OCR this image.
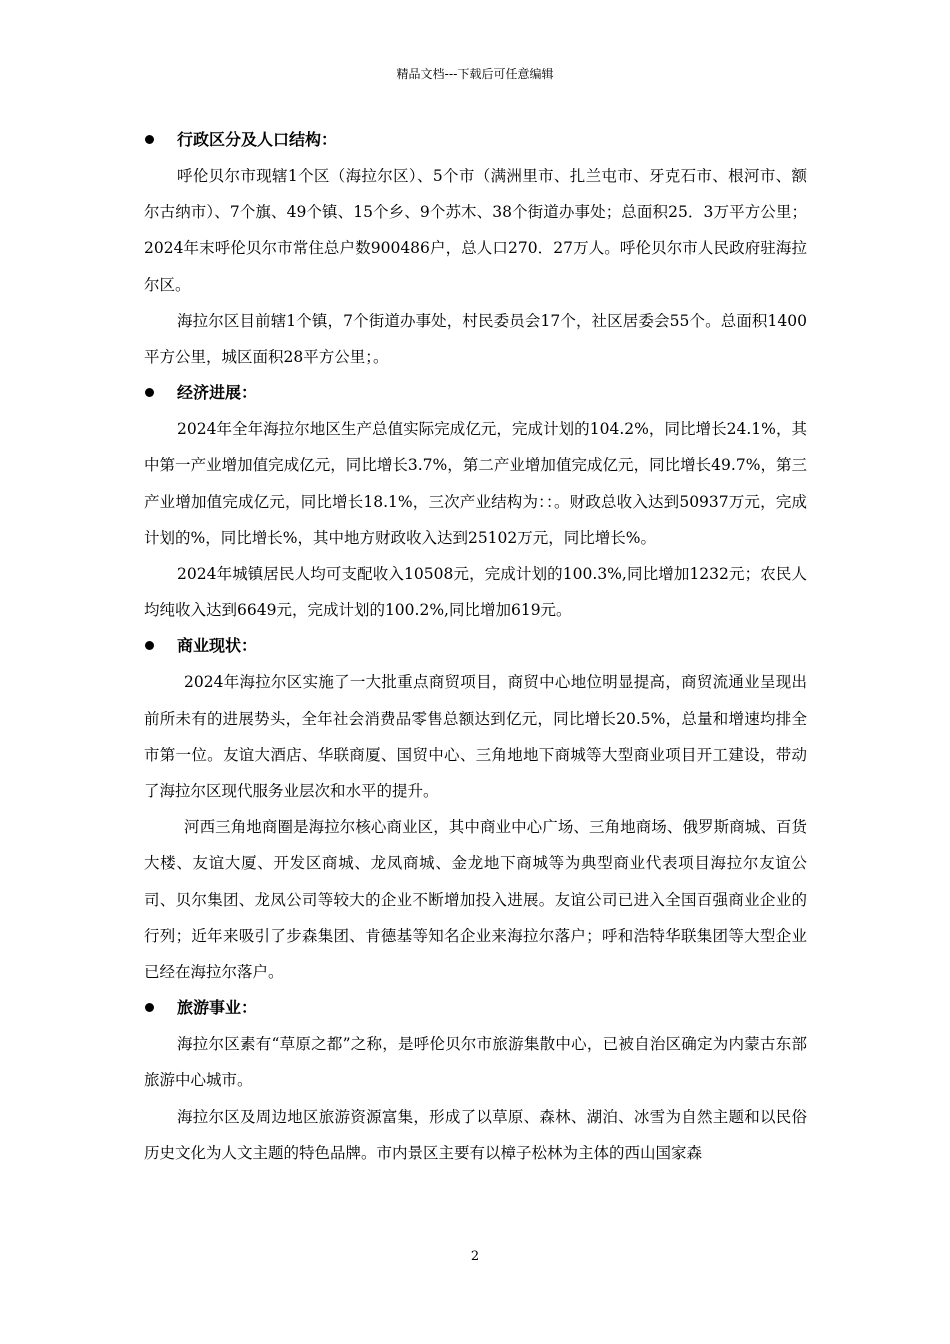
精品文档---下载后可任意编辑
行政区分及人口结构：

呼伦贝尔市现辖1个区（海拉尔区）、5个市（满洲里市、扎兰屯市、牙克石市、根河市、额尔古纳市）、7个旗、49个镇、15个乡、9个苏木、38个街道办事处；总面积25．3万平方公里；2024年末呼伦贝尔市常住总户数900486户，总人口270．27万人。呼伦贝尔市人民政府驻海拉尔区。

海拉尔区目前辖1个镇，7个街道办事处，村民委员会17个，社区居委会55个。总面积1400平方公里，城区面积28平方公里；。

经济进展：

2024年全年海拉尔地区生产总值实际完成亿元，完成计划的104.2%，同比增长24.1%，其中第一产业增加值完成亿元，同比增长3.7%，第二产业增加值完成亿元，同比增长49.7%，第三产业增加值完成亿元，同比增长18.1%，三次产业结构为：：。财政总收入达到50937万元，完成计划的%，同比增长%，其中地方财政收入达到25102万元，同比增长%。

2024年城镇居民人均可支配收入10508元，完成计划的100.3%,同比增加1232元；农民人均纯收入达到6649元，完成计划的100.2%,同比增加619元。

商业现状：

2024年海拉尔区实施了一大批重点商贸项目，商贸中心地位明显提高，商贸流通业呈现出前所未有的进展势头，全年社会消费品零售总额达到亿元，同比增长20.5%，总量和增速均排全市第一位。友谊大酒店、华联商厦、国贸中心、三角地地下商城等大型商业项目开工建设，带动了海拉尔区现代服务业层次和水平的提升。

河西三角地商圈是海拉尔核心商业区，其中商业中心广场、三角地商场、俄罗斯商城、百货大楼、友谊大厦、开发区商城、龙凤商城、金龙地下商城等为典型商业代表项目海拉尔友谊公司、贝尔集团、龙凤公司等较大的企业不断增加投入进展。友谊公司已进入全国百强商业企业的行列；近年来吸引了步森集团、肯德基等知名企业来海拉尔落户；呼和浩特华联集团等大型企业已经在海拉尔落户。

旅游事业：

海拉尔区素有“草原之都”之称，是呼伦贝尔市旅游集散中心，已被自治区确定为内蒙古东部旅游中心城市。

海拉尔区及周边地区旅游资源富集，形成了以草原、森林、湖泊、冰雪为自然主题和以民俗历史文化为人文主题的特色品牌。市内景区主要有以樟子松林为主体的西山国家森

2
